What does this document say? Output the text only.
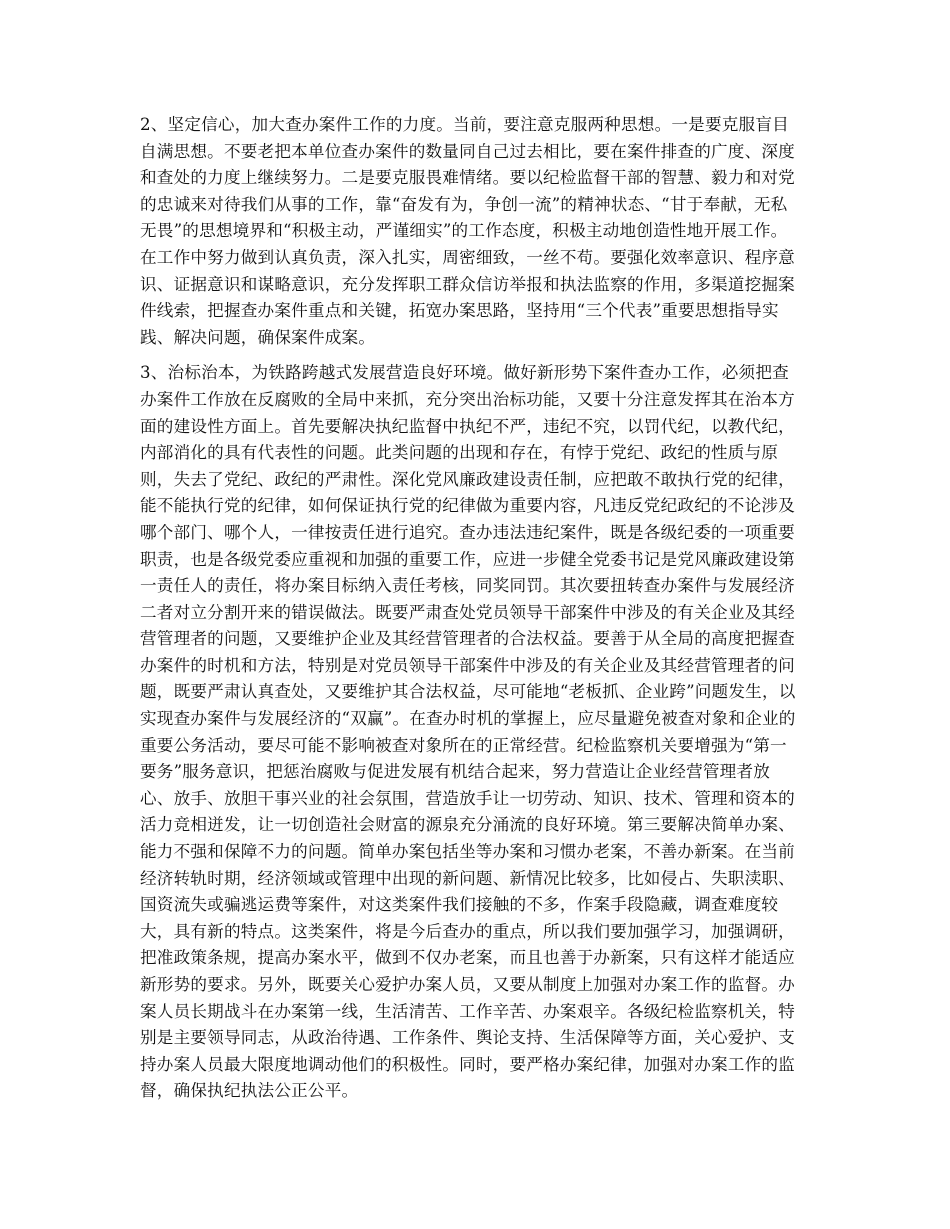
2、坚定信心，加大查办案件工作的力度。当前，要注意克服两种思想。一是要克服盲目
自满思想。不要老把本单位查办案件的数量同自己过去相比，要在案件排查的广度、深度
和查处的力度上继续努力。二是要克服畏难情绪。要以纪检监督干部的智慧、毅力和对党
的忠诚来对待我们从事的工作，靠“奋发有为，争创一流”的精神状态、“甘于奉献，无私
无畏”的思想境界和“积极主动，严谨细实”的工作态度，积极主动地创造性地开展工作。
在工作中努力做到认真负责，深入扎实，周密细致，一丝不苟。要强化效率意识、程序意
识、证据意识和谋略意识，充分发挥职工群众信访举报和执法监察的作用，多渠道挖掘案
件线索，把握查办案件重点和关键，拓宽办案思路，坚持用“三个代表”重要思想指导实
践、解决问题，确保案件成案。

3、治标治本，为铁路跨越式发展营造良好环境。做好新形势下案件查办工作，必须把查
办案件工作放在反腐败的全局中来抓，充分突出治标功能，又要十分注意发挥其在治本方
面的建设性方面上。首先要解决执纪监督中执纪不严，违纪不究，以罚代纪，以教代纪，
内部消化的具有代表性的问题。此类问题的出现和存在，有悖于党纪、政纪的性质与原
则，失去了党纪、政纪的严肃性。深化党风廉政建设责任制，应把敢不敢执行党的纪律，
能不能执行党的纪律，如何保证执行党的纪律做为重要内容，凡违反党纪政纪的不论涉及
哪个部门、哪个人，一律按责任进行追究。查办违法违纪案件，既是各级纪委的一项重要
职责，也是各级党委应重视和加强的重要工作，应进一步健全党委书记是党风廉政建设第
一责任人的责任，将办案目标纳入责任考核，同奖同罚。其次要扭转查办案件与发展经济
二者对立分割开来的错误做法。既要严肃查处党员领导干部案件中涉及的有关企业及其经
营管理者的问题，又要维护企业及其经营管理者的合法权益。要善于从全局的高度把握查
办案件的时机和方法，特别是对党员领导干部案件中涉及的有关企业及其经营管理者的问
题，既要严肃认真查处，又要维护其合法权益，尽可能地“老板抓、企业跨”问题发生，以
实现查办案件与发展经济的“双赢”。在查办时机的掌握上，应尽量避免被查对象和企业的
重要公务活动，要尽可能不影响被查对象所在的正常经营。纪检监察机关要增强为“第一
要务”服务意识，把惩治腐败与促进发展有机结合起来，努力营造让企业经营管理者放
心、放手、放胆干事兴业的社会氛围，营造放手让一切劳动、知识、技术、管理和资本的
活力竞相迸发，让一切创造社会财富的源泉充分涌流的良好环境。第三要解决简单办案、
能力不强和保障不力的问题。简单办案包括坐等办案和习惯办老案，不善办新案。在当前
经济转轨时期，经济领域或管理中出现的新问题、新情况比较多，比如侵占、失职渎职、
国资流失或骗逃运费等案件，对这类案件我们接触的不多，作案手段隐藏，调查难度较
大，具有新的特点。这类案件，将是今后查办的重点，所以我们要加强学习，加强调研，
把准政策条规，提高办案水平，做到不仅办老案，而且也善于办新案，只有这样才能适应
新形势的要求。另外，既要关心爱护办案人员，又要从制度上加强对办案工作的监督。办
案人员长期战斗在办案第一线，生活清苦、工作辛苦、办案艰辛。各级纪检监察机关，特
别是主要领导同志，从政治待遇、工作条件、舆论支持、生活保障等方面，关心爱护、支
持办案人员最大限度地调动他们的积极性。同时，要严格办案纪律，加强对办案工作的监
督，确保执纪执法公正公平。
